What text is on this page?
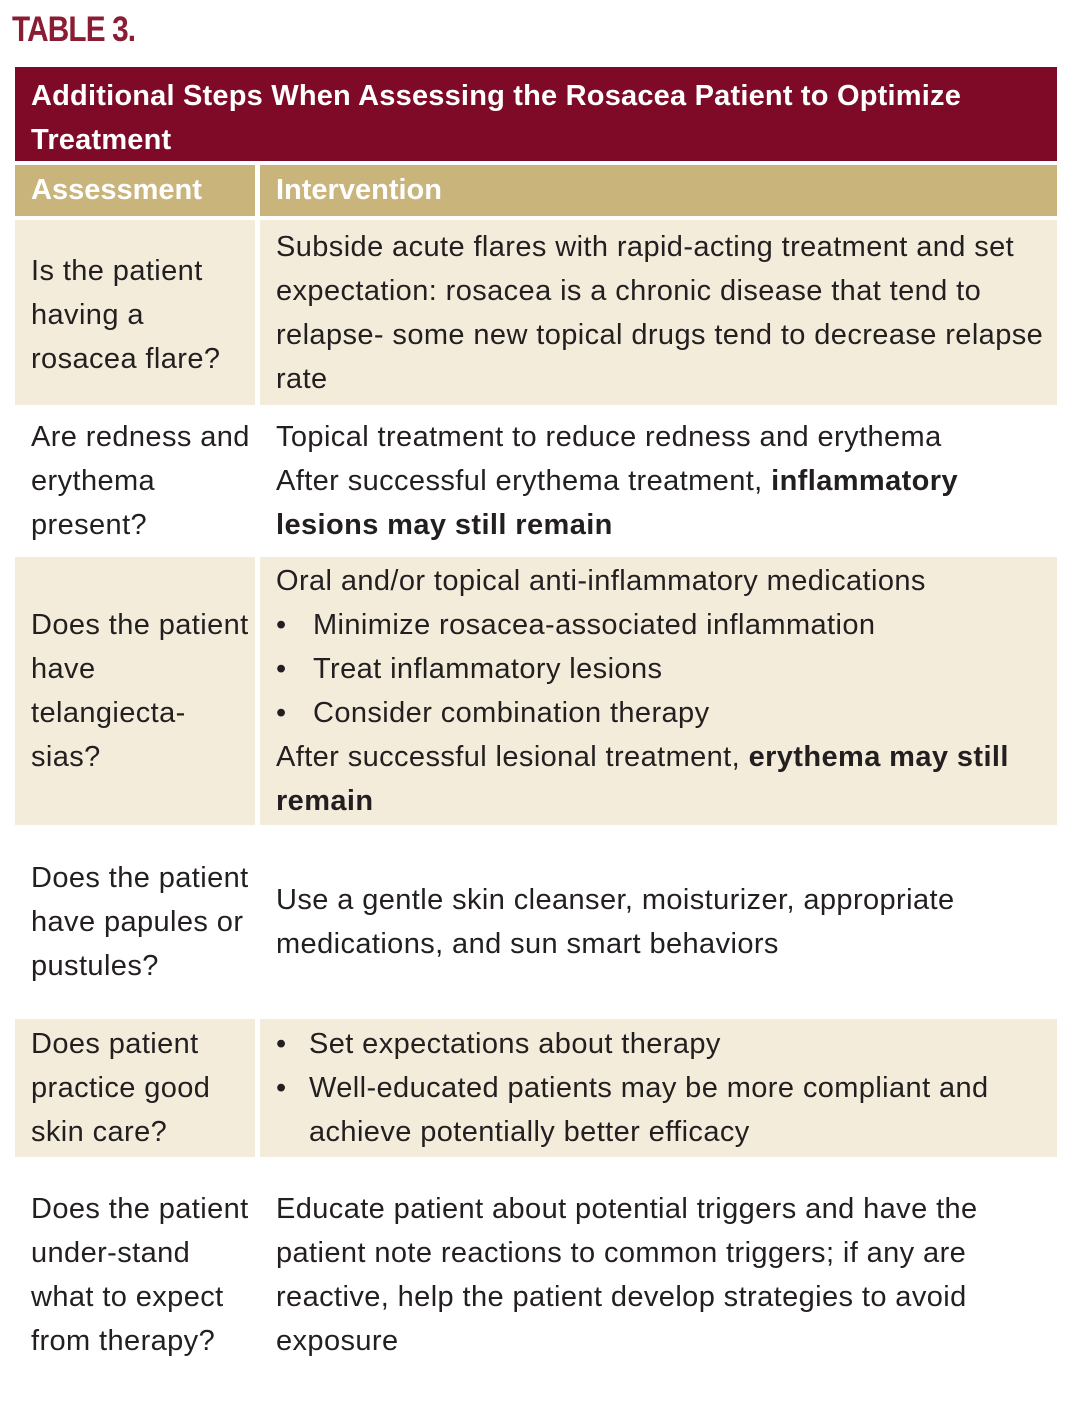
TABLE 3.
Additional Steps When Assessing the Rosacea Patient to Optimize Treatment
Assessment	Intervention
Is the patient having a rosacea flare?
Subside acute flares with rapid-acting treatment and set expectation: rosacea is a chronic disease that tend to relapse- some new topical drugs tend to decrease relapse rate
Are redness and erythema present?
Topical treatment to reduce redness and erythema
After successful erythema treatment, inflammatory lesions may still remain
Does the patient have telangiecta-sias?
Oral and/or topical anti-inflammatory medications
• Minimize rosacea-associated inflammation
• Treat inflammatory lesions
• Consider combination therapy
After successful lesional treatment, erythema may still remain
Does the patient have papules or pustules?
Use a gentle skin cleanser, moisturizer, appropriate medications, and sun smart behaviors
Does patient practice good skin care?
• Set expectations about therapy
• Well-educated patients may be more compliant and achieve potentially better efficacy
Does the patient under-stand what to expect from therapy?
Educate patient about potential triggers and have the patient note reactions to common triggers; if any are reactive, help the patient develop strategies to avoid exposure
